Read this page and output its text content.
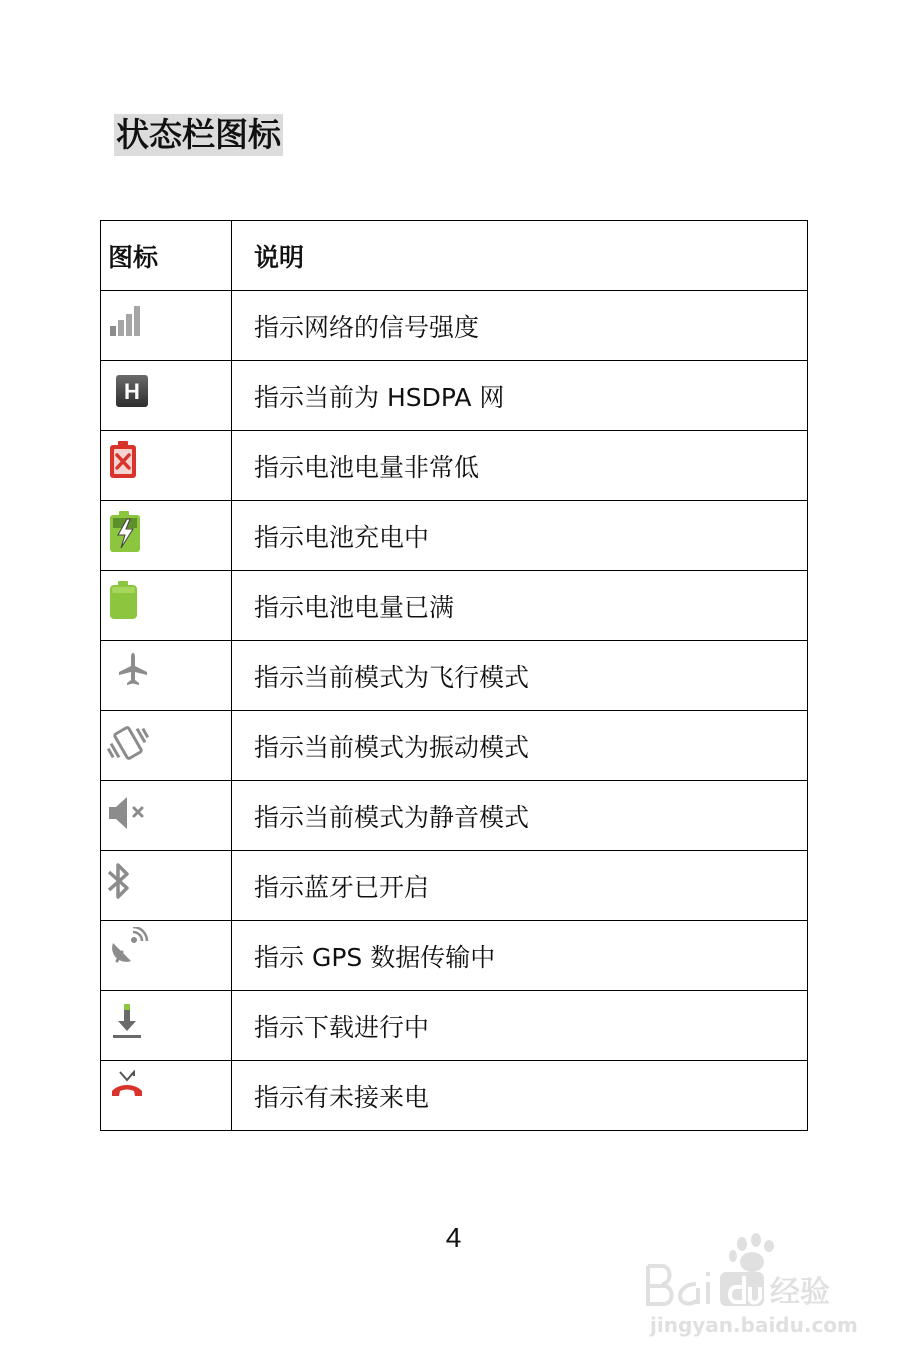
状态栏图标
图标	说明

	指示网络的信号强度

H	指示当前为 HSDPA 网

	指示电池电量非常低

	指示电池充电中

	指示电池电量已满

	指示当前模式为飞行模式

	指示当前模式为振动模式

	指示当前模式为静音模式

	指示蓝牙已开启

	指示 GPS 数据传输中

	指示下载进行中

	指示有未接来电
4
经验
jingyan.baidu.com
